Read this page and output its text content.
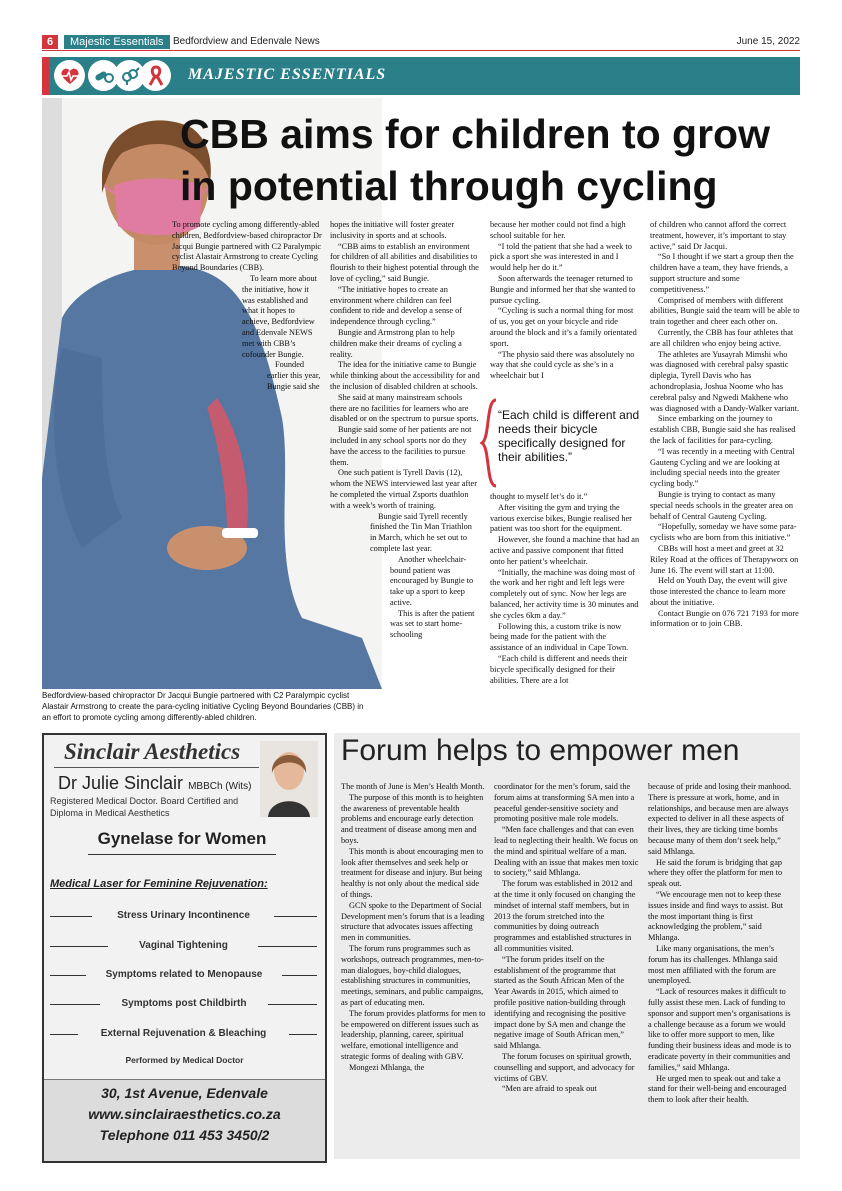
6	Majestic Essentials Bedfordview and Edenvale News	June 15, 2022
MAJESTIC ESSENTIALS
CBB aims for children to grow in potential through cycling

To promote cycling among differently-abled children, Bedfordview-based chiropractor Dr Jacqui Bungie partnered with C2 Paralympic cyclist Alastair Armstrong to create Cycling Beyond Boundaries (CBB).

To learn more about the initiative, how it was established and what it hopes to achieve, Bedfordview and Edenvale NEWS met with CBB’s cofounder Bungie.

Founded earlier this year, Bungie said she

hopes the initiative will foster greater inclusivity in sports and at schools.

“CBB aims to establish an environment for children of all abilities and disabilities to flourish to their highest potential through the love of cycling,” said Bungie.

“The initiative hopes to create an environment where children can feel confident to ride and develop a sense of independence through cycling.”

Bungie and Armstrong plan to help children make their dreams of cycling a reality.

The idea for the initiative came to Bungie while thinking about the accessibility for and the inclusion of disabled children at schools.

She said at many mainstream schools there are no facilities for learners who are disabled or on the spectrum to pursue sports.

Bungie said some of her patients are not included in any school sports nor do they have the access to the facilities to pursue them.

One such patient is Tyrell Davis (12), whom the NEWS interviewed last year after he completed the virtual Zsports duathlon with a week’s worth of training.

Bungie said Tyrell recently finished the Tin Man Triathlon in March, which he set out to complete last year.

Another wheelchair-bound patient was encouraged by Bungie to take up a sport to keep active.

This is after the patient was set to start home-schooling

because her mother could not find a high school suitable for her.

“I told the patient that she had a week to pick a sport she was interested in and I would help her do it.”

Soon afterwards the teenager returned to Bungie and informed her that she wanted to pursue cycling.

“Cycling is such a normal thing for most of us, you get on your bicycle and ride around the block and it’s a family orientated sport.

“The physio said there was absolutely no way that she could cycle as she’s in a wheelchair but I

“Each child is different and needs their bicycle specifically designed for their abilities.”

thought to myself let’s do it.”

After visiting the gym and trying the various exercise bikes, Bungie realised her patient was too short for the equipment.

However, she found a machine that had an active and passive component that fitted onto her patient’s wheelchair.

“Initially, the machine was doing most of the work and her right and left legs were completely out of sync. Now her legs are balanced, her activity time is 30 minutes and she cycles 6km a day.”

Following this, a custom trike is now being made for the patient with the assistance of an individual in Cape Town.

“Each child is different and needs their bicycle specifically designed for their abilities. There are a lot

of children who cannot afford the correct treatment, however, it’s important to stay active,” said Dr Jacqui.

“So I thought if we start a group then the children have a team, they have friends, a support structure and some competitiveness.”

Comprised of members with different abilities, Bungie said the team will be able to train together and cheer each other on.

Currently, the CBB has four athletes that are all children who enjoy being active.

The athletes are Yusayrah Mimshi who was diagnosed with cerebral palsy spastic diplegia, Tyrell Davis who has achondroplasia, Joshua Noome who has cerebral palsy and Ngwedi Makhene who was diagnosed with a Dandy-Walker variant.

Since embarking on the journey to establish CBB, Bungie said she has realised the lack of facilities for para-cycling.

“I was recently in a meeting with Central Gauteng Cycling and we are looking at including special needs into the greater cycling body.”

Bungie is trying to contact as many special needs schools in the greater area on behalf of Central Gauteng Cycling.

“Hopefully, someday we have some para-cyclists who are born from this initiative.”

CBBs will host a meet and greet at 32 Riley Road at the offices of Therapyworx on June 16. The event will start at 11:00.

Held on Youth Day, the event will give those interested the chance to learn more about the initiative.

Contact Bungie on 076 721 7193 for more information or to join CBB.

Bedfordview-based chiropractor Dr Jacqui Bungie partnered with C2 Paralympic cyclist Alastair Armstrong to create the para-cycling initiative Cycling Beyond Boundaries (CBB) in an effort to promote cycling among differently-abled children.
Sinclair Aesthetics
Dr Julie Sinclair MBBCh (Wits)
Registered Medical Doctor. Board Certified and Diploma in Medical Aesthetics
Gynelase for Women
Medical Laser for Feminine Rejuvenation:
Stress Urinary Incontinence
Vaginal Tightening
Symptoms related to Menopause
Symptoms post Childbirth
External Rejuvenation & Bleaching
Performed by Medical Doctor
30, 1st Avenue, Edenvale
www.sinclairaesthetics.co.za
Telephone 011 453 3450/2
Forum helps to empower men

The month of June is Men’s Health Month.

The purpose of this month is to heighten the awareness of preventable health problems and encourage early detection and treatment of disease among men and boys.

This month is about encouraging men to look after themselves and seek help or treatment for disease and injury. But being healthy is not only about the medical side of things.

GCN spoke to the Department of Social Development men’s forum that is a leading structure that advocates issues affecting men in communities.

The forum runs programmes such as workshops, outreach programmes, men-to-man dialogues, boy-child dialogues, establishing structures in communities, meetings, seminars, and public campaigns, as part of educating men.

The forum provides platforms for men to be empowered on different issues such as leadership, planning, career, spiritual welfare, emotional intelligence and strategic forms of dealing with GBV.

Mongezi Mhlanga, the

coordinator for the men’s forum, said the forum aims at transforming SA men into a peaceful gender-sensitive society and promoting positive male role models.

“Men face challenges and that can even lead to neglecting their health. We focus on the mind and spiritual welfare of a man. Dealing with an issue that makes men toxic to society,” said Mhlanga.

The forum was established in 2012 and at the time it only focused on changing the mindset of internal staff members, but in 2013 the forum stretched into the communities by doing outreach programmes and established structures in all communities visited.

“The forum prides itself on the establishment of the programme that started as the South African Men of the Year Awards in 2015, which aimed to profile positive nation-building through identifying and recognising the positive impact done by SA men and change the negative image of South African men,” said Mhlanga.

The forum focuses on spiritual growth, counselling and support, and advocacy for victims of GBV.

“Men are afraid to speak out

because of pride and losing their manhood. There is pressure at work, home, and in relationships, and because men are always expected to deliver in all these aspects of their lives, they are ticking time bombs because many of them don’t seek help,” said Mhlanga.

He said the forum is bridging that gap where they offer the platform for men to speak out.

“We encourage men not to keep these issues inside and find ways to assist. But the most important thing is first acknowledging the problem,” said Mhlanga.

Like many organisations, the men’s forum has its challenges. Mhlanga said most men affiliated with the forum are unemployed.

“Lack of resources makes it difficult to fully assist these men. Lack of funding to sponsor and support men’s organisations is a challenge because as a forum we would like to offer more support to men, like funding their business ideas and mode is to eradicate poverty in their communities and families,” said Mhlanga.

He urged men to speak out and take a stand for their well-being and encouraged them to look after their health.
